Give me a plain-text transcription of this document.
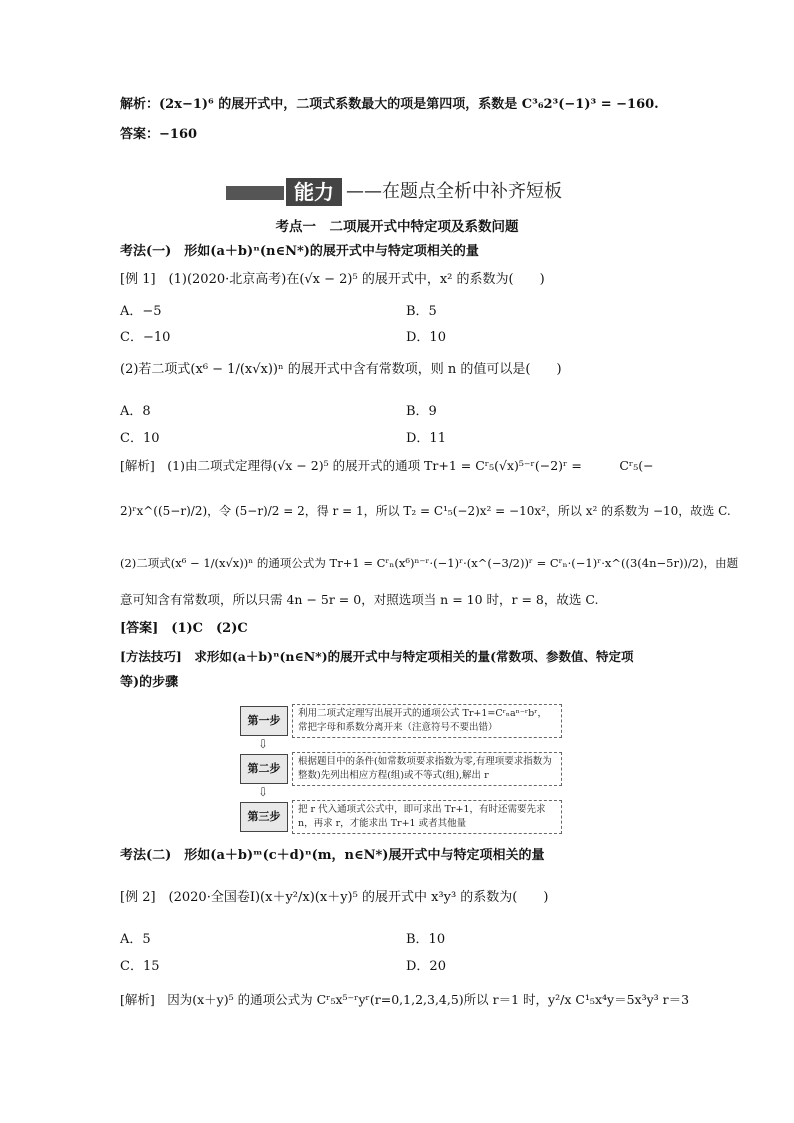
解析：(2x−1)⁶ 的展开式中，二项式系数最大的项是第四项，系数是 C³₆2³(−1)³ = −160.
答案：−160
能力 ——在题点全析中补齐短板
考点一　二项展开式中特定项及系数问题
考法(一)　形如(a＋b)ⁿ(n∈N*)的展开式中与特定项相关的量
[例 1]　(1)(2020·北京高考)在(√x − 2)⁵ 的展开式中，x² 的系数为(　　)
A．−5	B．5
C．−10	D．10
(2)若二项式(x⁶ − 1/(x√x))ⁿ 的展开式中含有常数项，则 n 的值可以是(　　)
A．8	B．9
C．10	D．11
[解析]　(1)由二项式定理得(√x − 2)⁵ 的展开式的通项 Tr+1 = Cʳ₅(√x)⁵⁻ʳ(−2)ʳ =　　　Cʳ₅(−
2)ʳx^((5−r)/2)，令 (5−r)/2 = 2，得 r = 1，所以 T₂ = C¹₅(−2)x² = −10x²，所以 x² 的系数为 −10，故选 C.
(2)二项式(x⁶ − 1/(x√x))ⁿ 的通项公式为 Tr+1 = Cʳₙ(x⁶)ⁿ⁻ʳ·(−1)ʳ·(x^(−3/2))ʳ = Cʳₙ·(−1)ʳ·x^((3(4n−5r))/2)，由题
意可知含有常数项，所以只需 4n − 5r = 0，对照选项当 n = 10 时，r = 8，故选 C.
[答案]　(1)C　(2)C
[方法技巧]　求形如(a＋b)ⁿ(n∈N*)的展开式中与特定项相关的量(常数项、参数值、特定项
等)的步骤
第一步
利用二项式定理写出展开式的通项公式 Tr+1=Cʳₙaⁿ⁻ʳbʳ，常把字母和系数分离开来（注意符号不要出错）
⇩
第二步
根据题目中的条件(如常数项要求指数为零,有理项要求指数为整数)先列出相应方程(组)或不等式(组),解出 r
⇩
第三步
把 r 代入通项式公式中，即可求出 Tr+1，有时还需要先求 n，再求 r，才能求出 Tr+1 或者其他量
考法(二)　形如(a＋b)ᵐ(c＋d)ⁿ(m，n∈N*)展开式中与特定项相关的量
[例 2]　(2020·全国卷Ⅰ)(x＋y²/x)(x＋y)⁵ 的展开式中 x³y³ 的系数为(　　)
A．5	B．10
C．15	D．20
[解析]　因为(x＋y)⁵ 的通项公式为 Cʳ₅x⁵⁻ʳyʳ(r=0,1,2,3,4,5)所以 r＝1 时，y²/x C¹₅x⁴y＝5x³y³ r＝3
